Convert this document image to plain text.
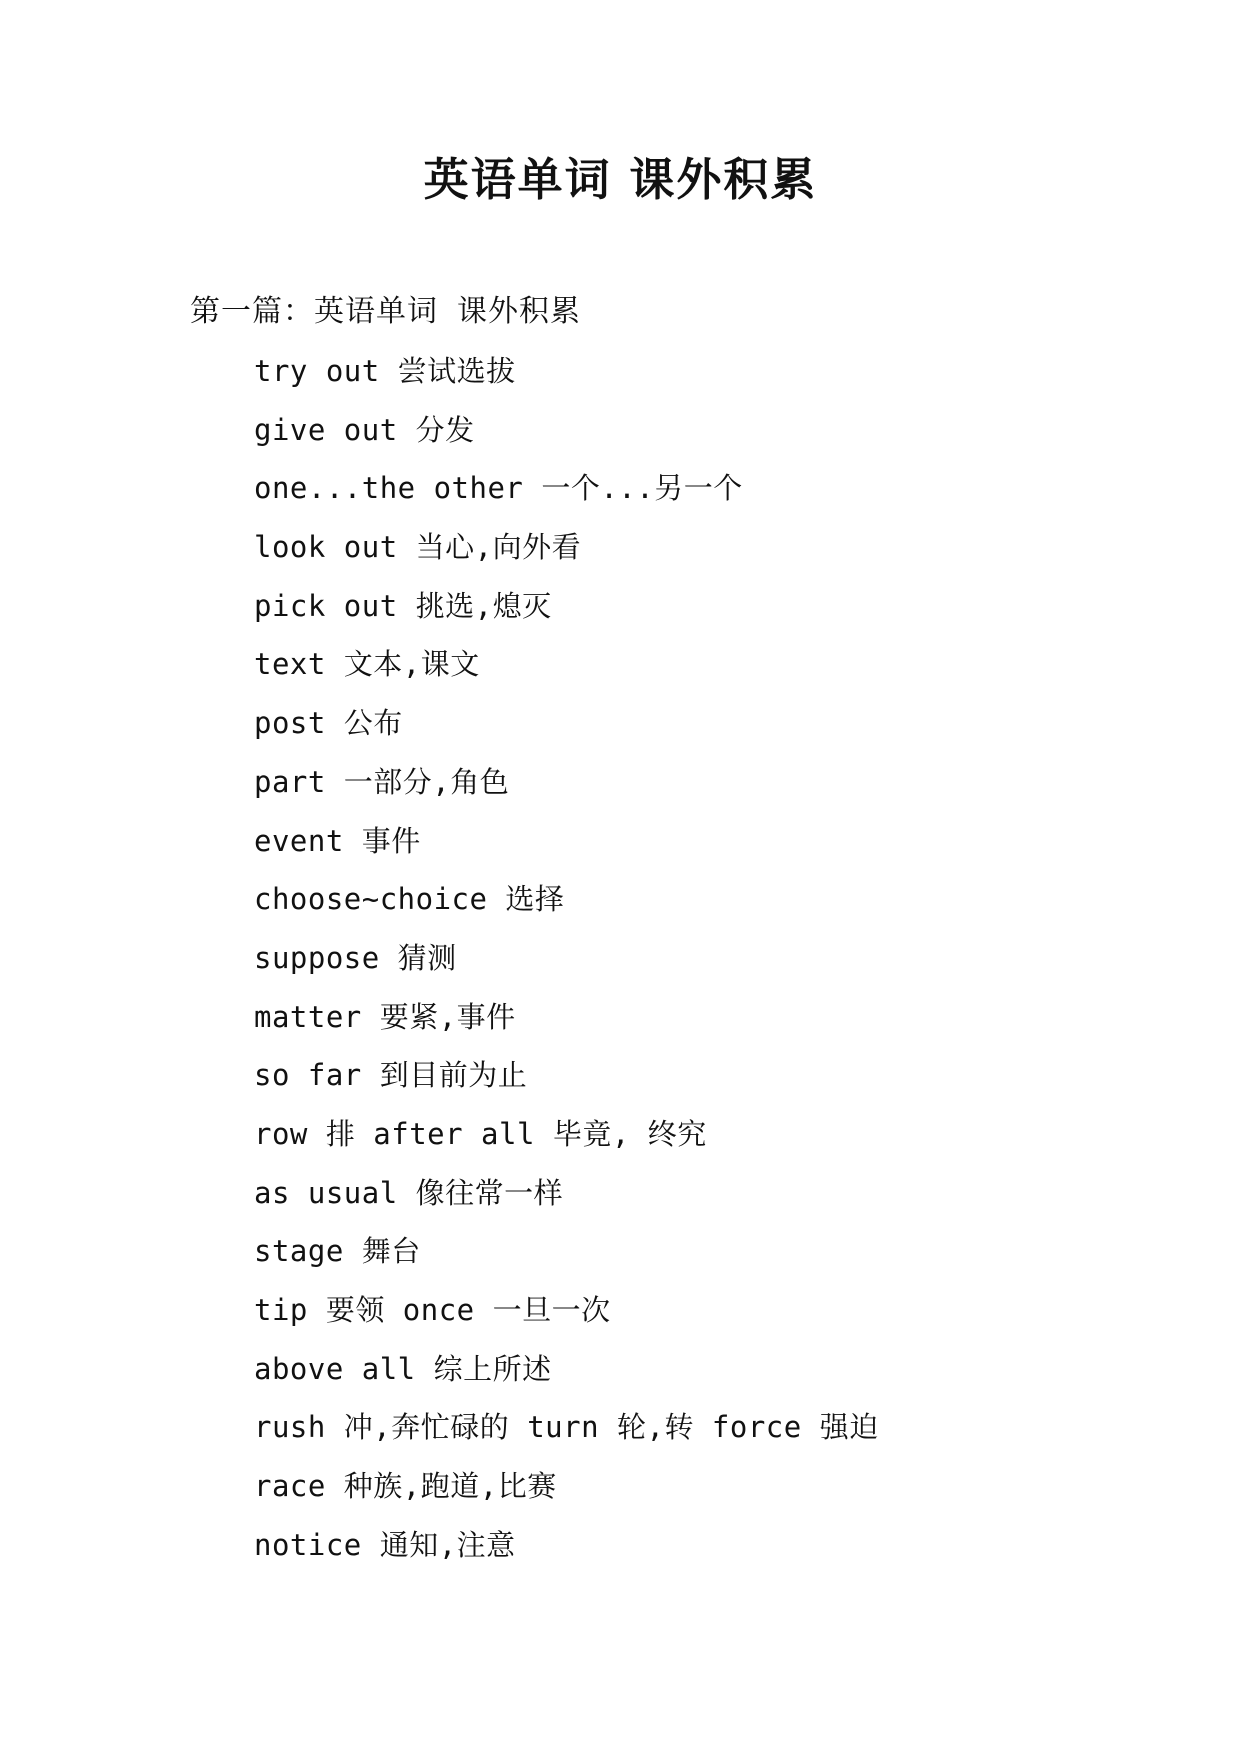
英语单词 课外积累
第一篇：英语单词 课外积累
try out 尝试选拔
give out 分发
one...the other 一个...另一个
look out 当心,向外看
pick out 挑选,熄灭
text 文本,课文
post 公布
part 一部分,角色
event 事件
choose~choice 选择
suppose 猜测
matter 要紧,事件
so far 到目前为止
row 排 after all 毕竟, 终究
as usual 像往常一样
stage 舞台
tip 要领 once 一旦一次
above all 综上所述
rush 冲,奔忙碌的 turn 轮,转 force 强迫
race 种族,跑道,比赛
notice 通知,注意
